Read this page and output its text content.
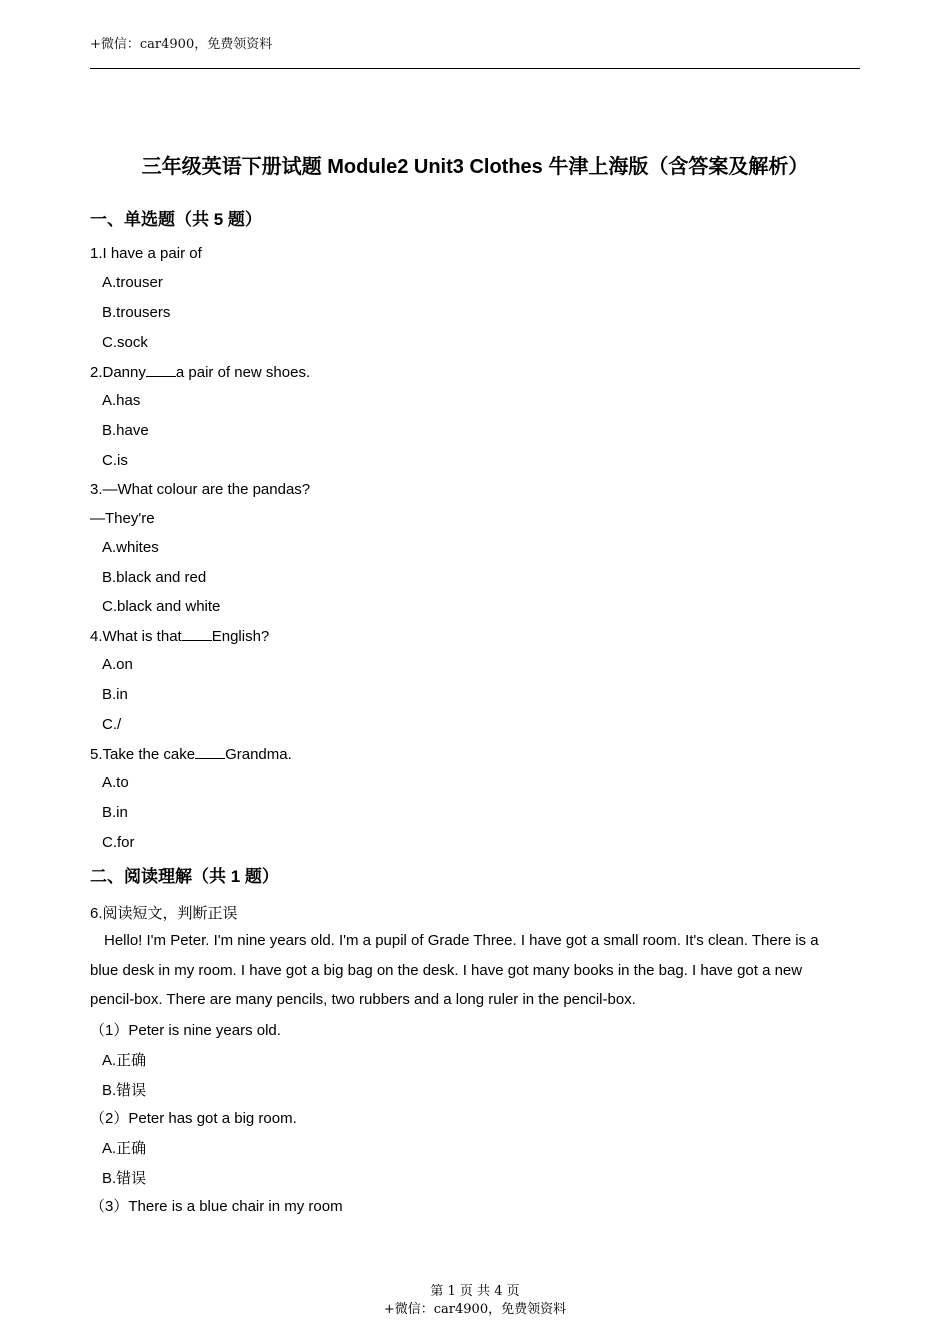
+微信：car4900，免费领资料
三年级英语下册试题 Module2 Unit3 Clothes 牛津上海版（含答案及解析）
一、单选题（共 5 题）
1.I have a pair of
A.trouser
B.trousers
C.sock
2.Danny a pair of new shoes.
A.has
B.have
C.is
3.—What colour are the pandas?
—They're
A.whites
B.black and red
C.black and white
4.What is that English?
A.on
B.in
C./
5.Take the cake Grandma.
A.to
B.in
C.for
二、阅读理解（共 1 题）
6.阅读短文，判断正误
Hello! I'm Peter. I'm nine years old. I'm a pupil of Grade Three. I have got a small room. It's clean. There is a blue desk in my room. I have got a big bag on the desk. I have got many books in the bag. I have got a new pencil-box. There are many pencils, two rubbers and a long ruler in the pencil-box.
（1）Peter is nine years old.
A.正确
B.错误
（2）Peter has got a big room.
A.正确
B.错误
（3）There is a blue chair in my room
第 1 页 共 4 页
+微信：car4900，免费领资料
